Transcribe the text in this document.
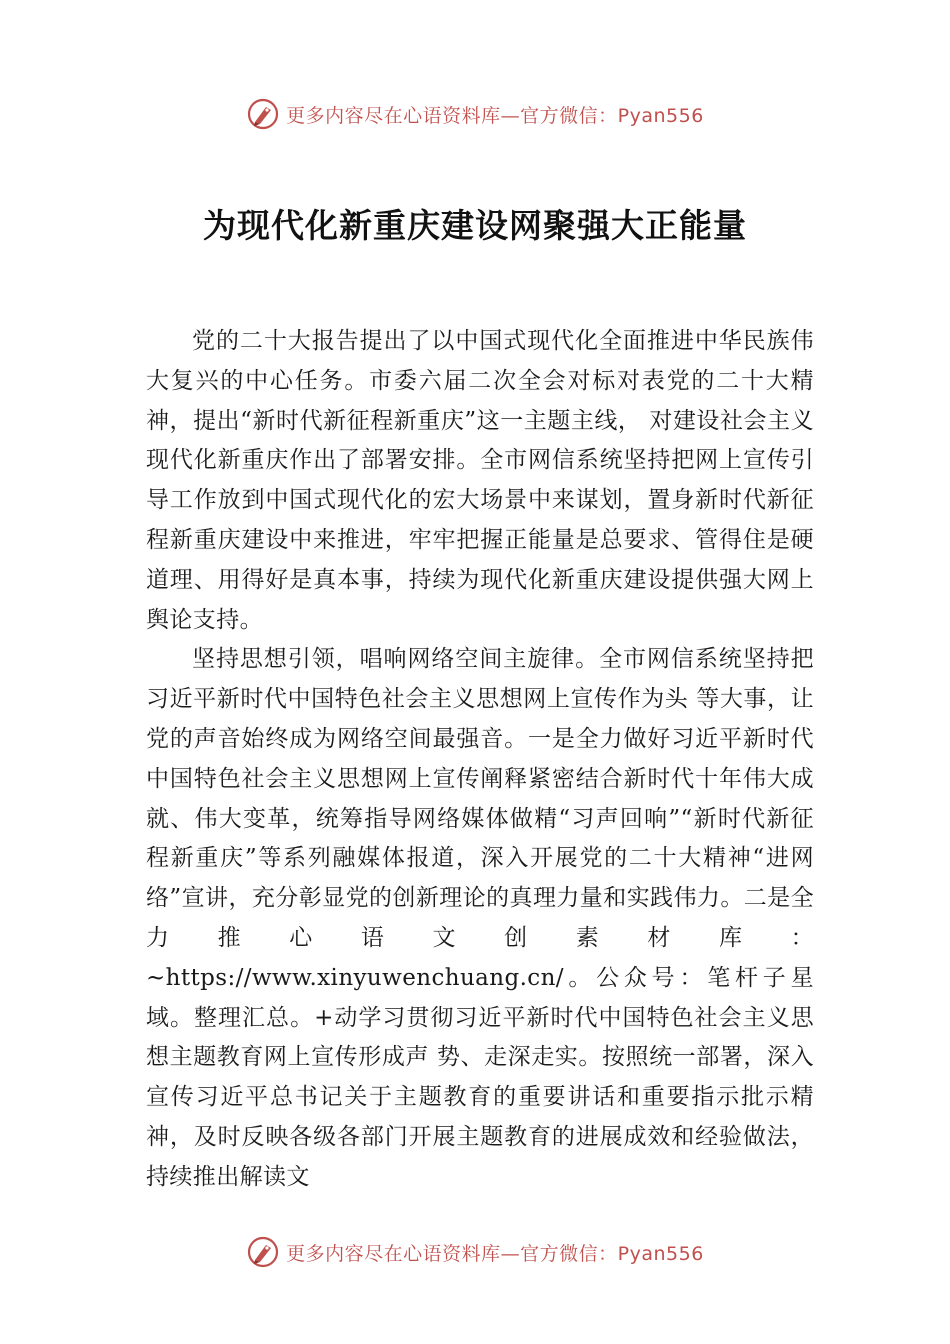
更多内容尽在心语资料库—官方微信：Pyan556
为现代化新重庆建设网聚强大正能量

党的二十大报告提出了以中国式现代化全面推进中华民族伟大复兴的中心任务。市委六届二次全会对标对表党的二十大精神，提出“新时代新征程新重庆”这一主题主线， 对建设社会主义现代化新重庆作出了部署安排。全市网信系统坚持把网上宣传引导工作放到中国式现代化的宏大场景中来谋划，置身新时代新征程新重庆建设中来推进，牢牢把握正能量是总要求、管得住是硬道理、用得好是真本事，持续为现代化新重庆建设提供强大网上舆论支持。

坚持思想引领，唱响网络空间主旋律。全市网信系统坚持把习近平新时代中国特色社会主义思想网上宣传作为头 等大事，让党的声音始终成为网络空间最强音。一是全力做好习近平新时代中国特色社会主义思想网上宣传阐释紧密结合新时代十年伟大成就、伟大变革，统筹指导网络媒体做精“习声回响”“新时代新征程新重庆”等系列融媒体报道，深入开展党的二十大精神“进网络”宣讲，充分彰显党的创新理论的真理力量和实践伟力。二是全力推心语文创素材库：~https://www.xinyuwenchuang.cn/。公众号：笔杆子星域。整理汇总。+动学习贯彻习近平新时代中国特色社会主义思想主题教育网上宣传形成声 势、走深走实。按照统一部署，深入宣传习近平总书记关于主题教育的重要讲话和重要指示批示精神，及时反映各级各部门开展主题教育的进展成效和经验做法，持续推出解读文

更多内容尽在心语资料库—官方微信：Pyan556
